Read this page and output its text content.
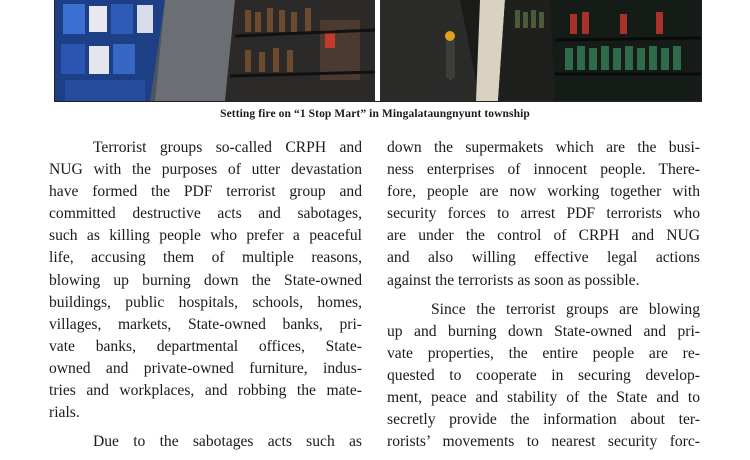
Setting fire on “1 Stop Mart” in Mingalataungnyunt township
Terrorist groups so-called CRPH and
NUG with the purposes of utter devastation
have formed the PDF terrorist group and
committed destructive acts and sabotages,
such as killing people who prefer a peaceful
life, accusing them of multiple reasons,
blowing up burning down the State-owned
buildings, public hospitals, schools, homes,
villages, markets, State-owned banks, pri-
vate banks, departmental offices, State-
owned and private-owned furniture, indus-
tries and workplaces, and robbing the mate-
rials.
Due to the sabotages acts such as
down the supermakets which are the busi-
ness enterprises of innocent people. There-
fore, people are now working together with
security forces to arrest PDF terrorists who
are under the control of CRPH and NUG
and also willing effective legal actions
against the terrorists as soon as possible.
Since the terrorist groups are blowing
up and burning down State-owned and pri-
vate properties, the entire people are re-
quested to cooperate in securing develop-
ment, peace and stability of the State and to
secretly provide the information about ter-
rorists’ movements to nearest security forc-
